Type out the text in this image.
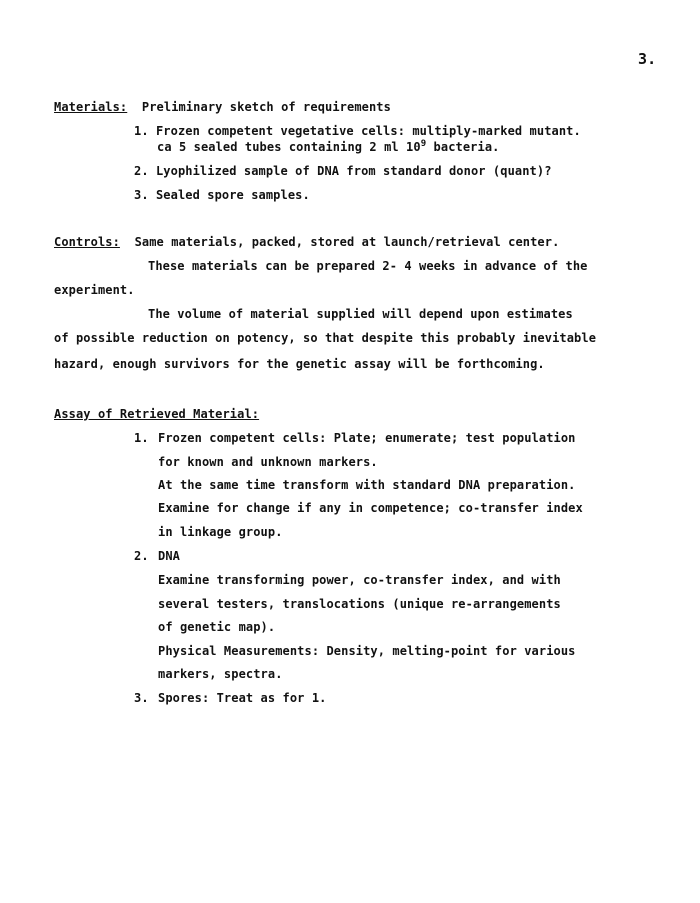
3.
Materials: Preliminary sketch of requirements
1. Frozen competent vegetative cells: multiply-marked mutant.
ca 5 sealed tubes containing 2 ml $10^9$ bacteria.
2. Lyophilized sample of DNA from standard donor (quant)?
3. Sealed spore samples.
Controls: Same materials, packed, stored at launch/retrieval center.
These materials can be prepared 2- 4 weeks in advance of the
experiment.
The volume of material supplied will depend upon estimates
of possible reduction on potency, so that despite this probably inevitable
hazard, enough survivors for the genetic assay will be forthcoming.
Assay of Retrieved Material:
1. Frozen competent cells: Plate; enumerate; test population
for known and unknown markers.
At the same time transform with standard DNA preparation.
Examine for change if any in competence; co-transfer index
in linkage group.
2. DNA
Examine transforming power, co-transfer index, and with
several testers, translocations (unique re-arrangements
of genetic map).
Physical Measurements: Density, melting-point for various
markers, spectra.
3. Spores: Treat as for 1.
